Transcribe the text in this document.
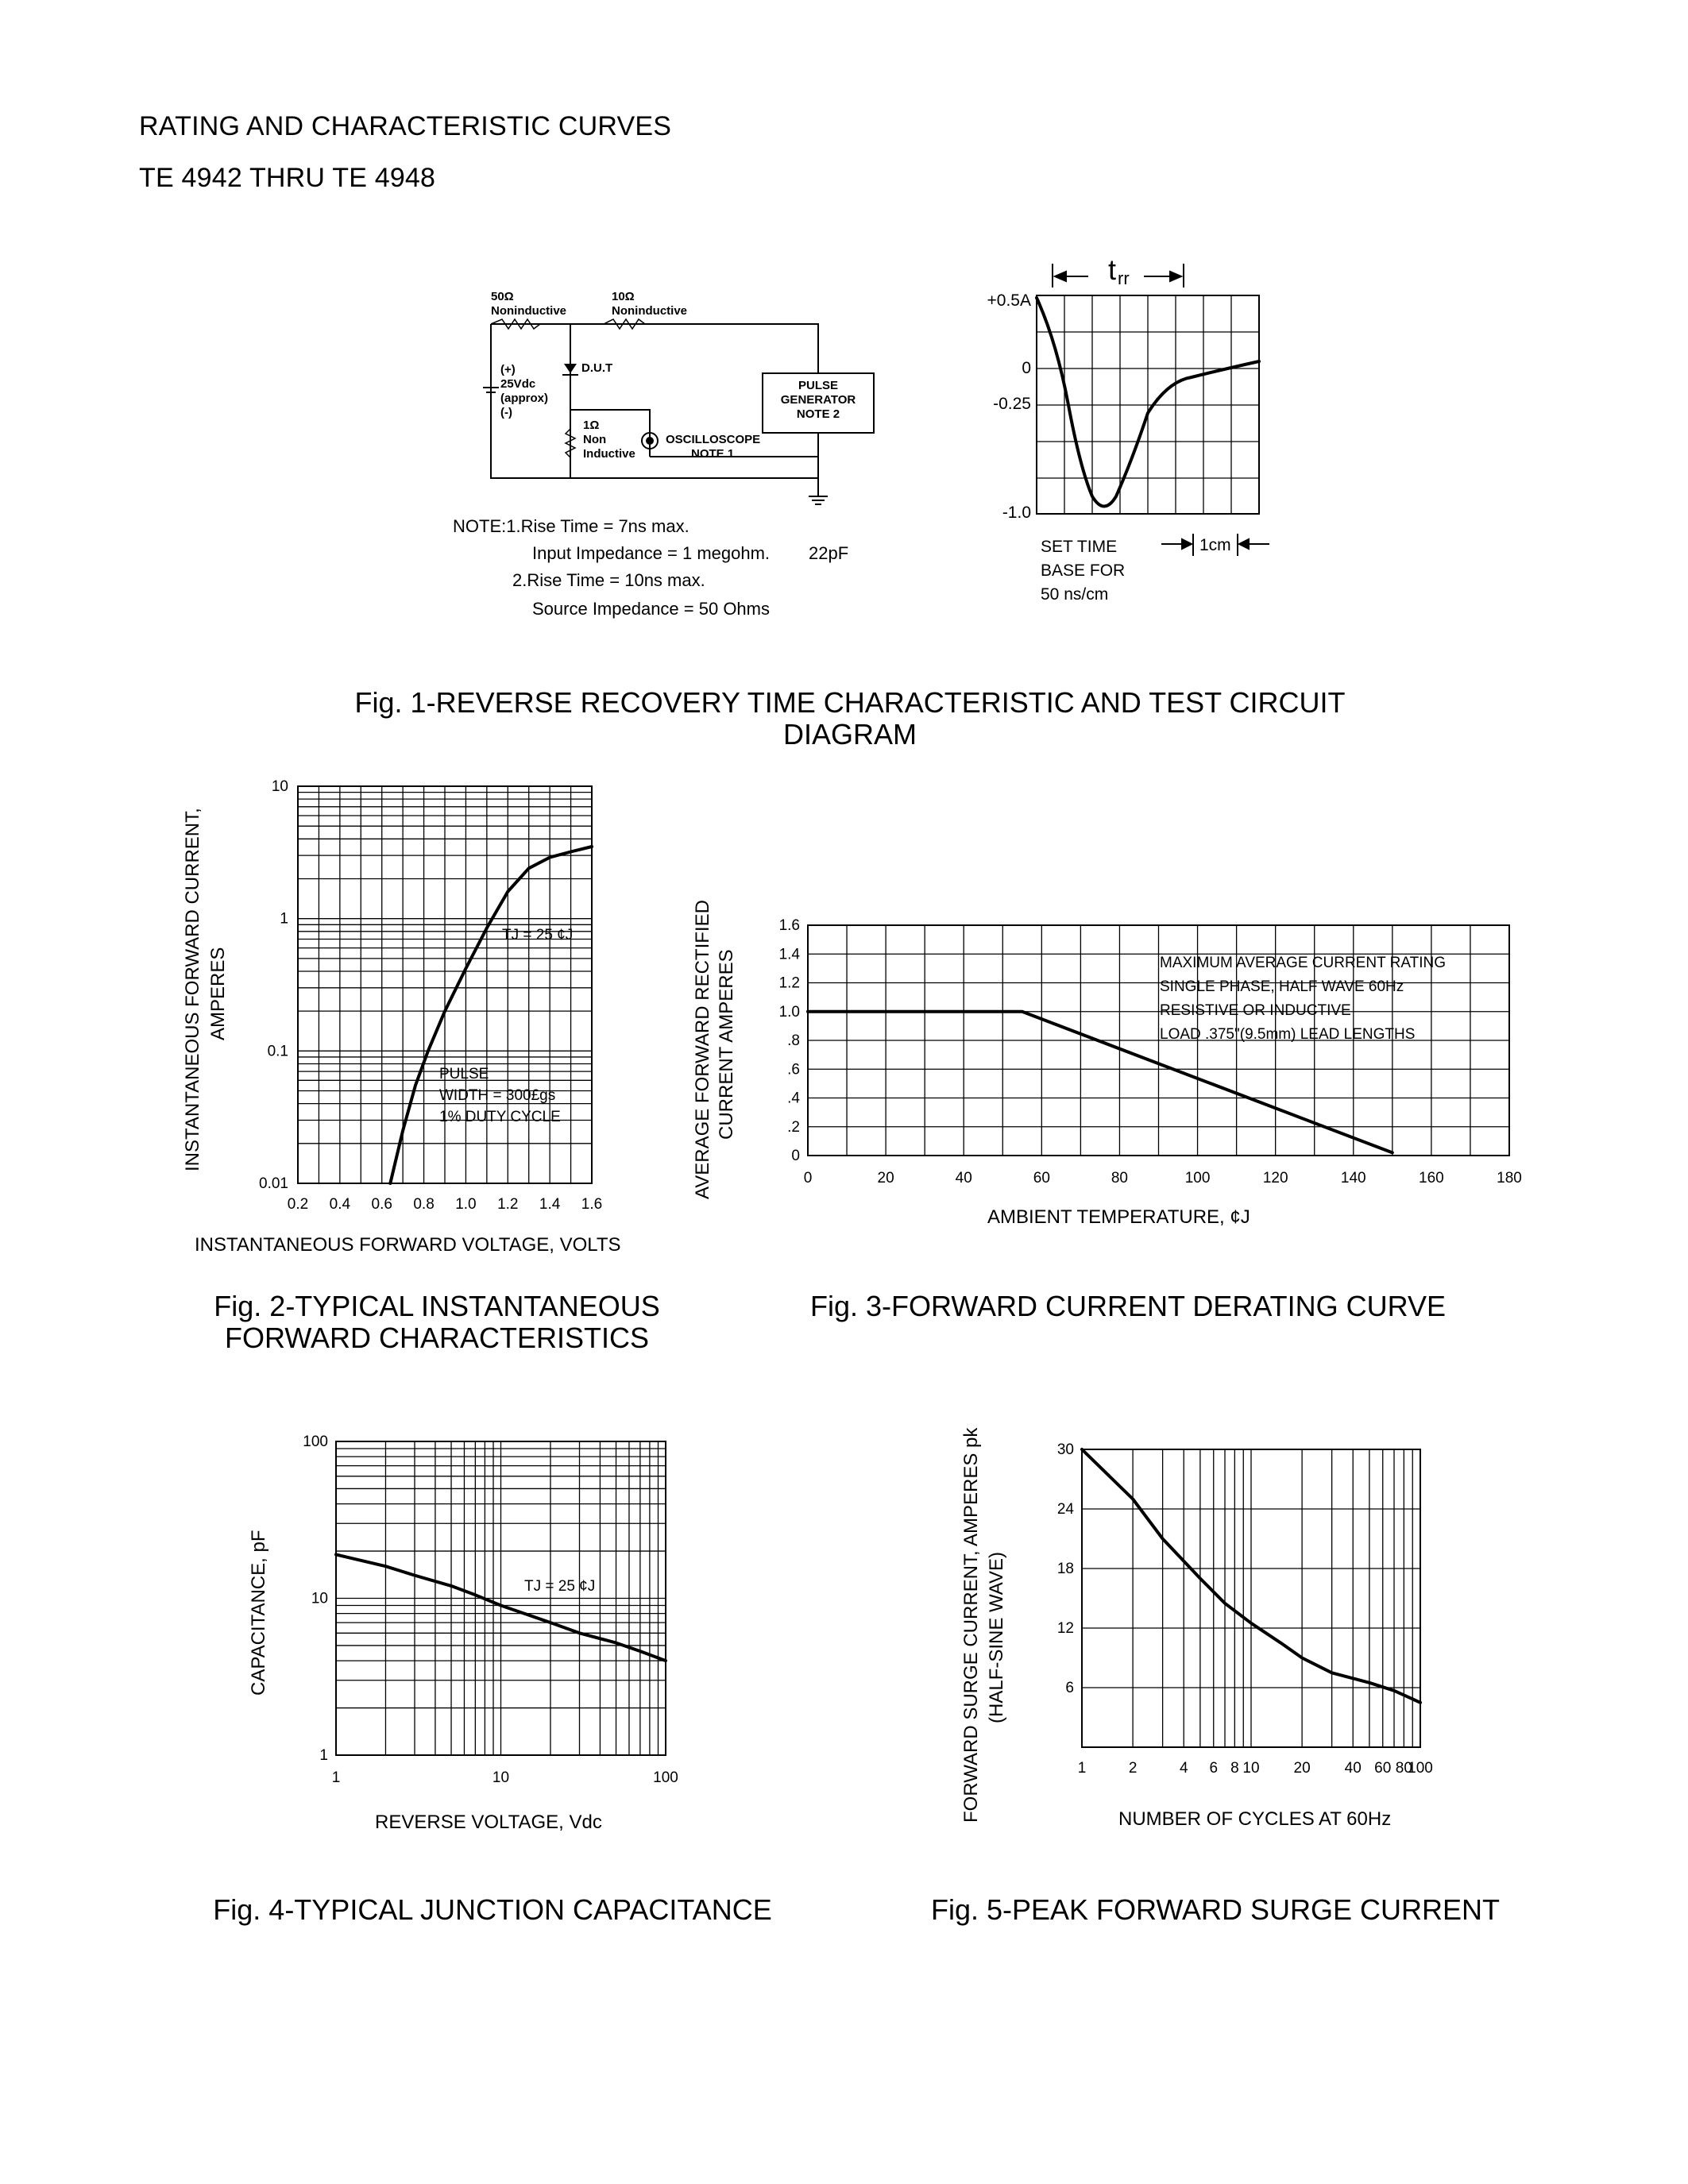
RATING AND CHARACTERISTIC CURVES
TE 4942 THRU TE 4948
50Ω
Noninductive
10Ω
Noninductive
(+)
25Vdc
(approx)
(-)
D.U.T
PULSE
GENERATOR
NOTE 2
1Ω
Non
Inductive
OSCILLOSCOPE
NOTE 1
NOTE:1.Rise Time = 7ns max.
Input Impedance = 1 megohm. 22pF
2.Rise Time = 10ns max.
Source Impedance = 50 Ohms
+0.5A
0
-0.25
-1.0
t rr
SET TIME
BASE FOR
50 ns/cm
1cm
Fig. 1-REVERSE RECOVERY TIME CHARACTERISTIC AND TEST CIRCUIT DIAGRAM
0.2 0.4 0.6 0.8 1.0 1.2 1.4 1.6
0.01
0.1
1
10
TJ = 25 ¢J
PULSE
WIDTH = 300£gs
1% DUTY CYCLE
INSTANTANEOUS FORWARD VOLTAGE, VOLTS
INSTANTANEOUS FORWARD CURRENT, AMPERES
Fig. 2-TYPICAL INSTANTANEOUS FORWARD CHARACTERISTICS
0	20	40	60	80	100	120	140	160	180
0
.2
.4
.6
.8
1.0
1.2
1.4
1.6
MAXIMUM AVERAGE CURRENT RATING
SINGLE PHASE, HALF WAVE 60Hz
RESISTIVE OR INDUCTIVE
LOAD .375"(9.5mm) LEAD LENGTHS
AMBIENT TEMPERATURE, ¢J
AVERAGE FORWARD RECTIFIED CURRENT AMPERES
Fig. 3-FORWARD CURRENT DERATING CURVE
1	10	100
1
10
100
TJ = 25 ¢J
REVERSE VOLTAGE, Vdc
CAPACITANCE, pF
Fig. 4-TYPICAL JUNCTION CAPACITANCE
1	2	4 6 8 10 20 40 60 80
100
6
12
18
24
30
NUMBER OF CYCLES AT 60Hz
FORWARD SURGE CURRENT, AMPERES pk (HALF-SINE WAVE)
Fig. 5-PEAK FORWARD SURGE CURRENT
